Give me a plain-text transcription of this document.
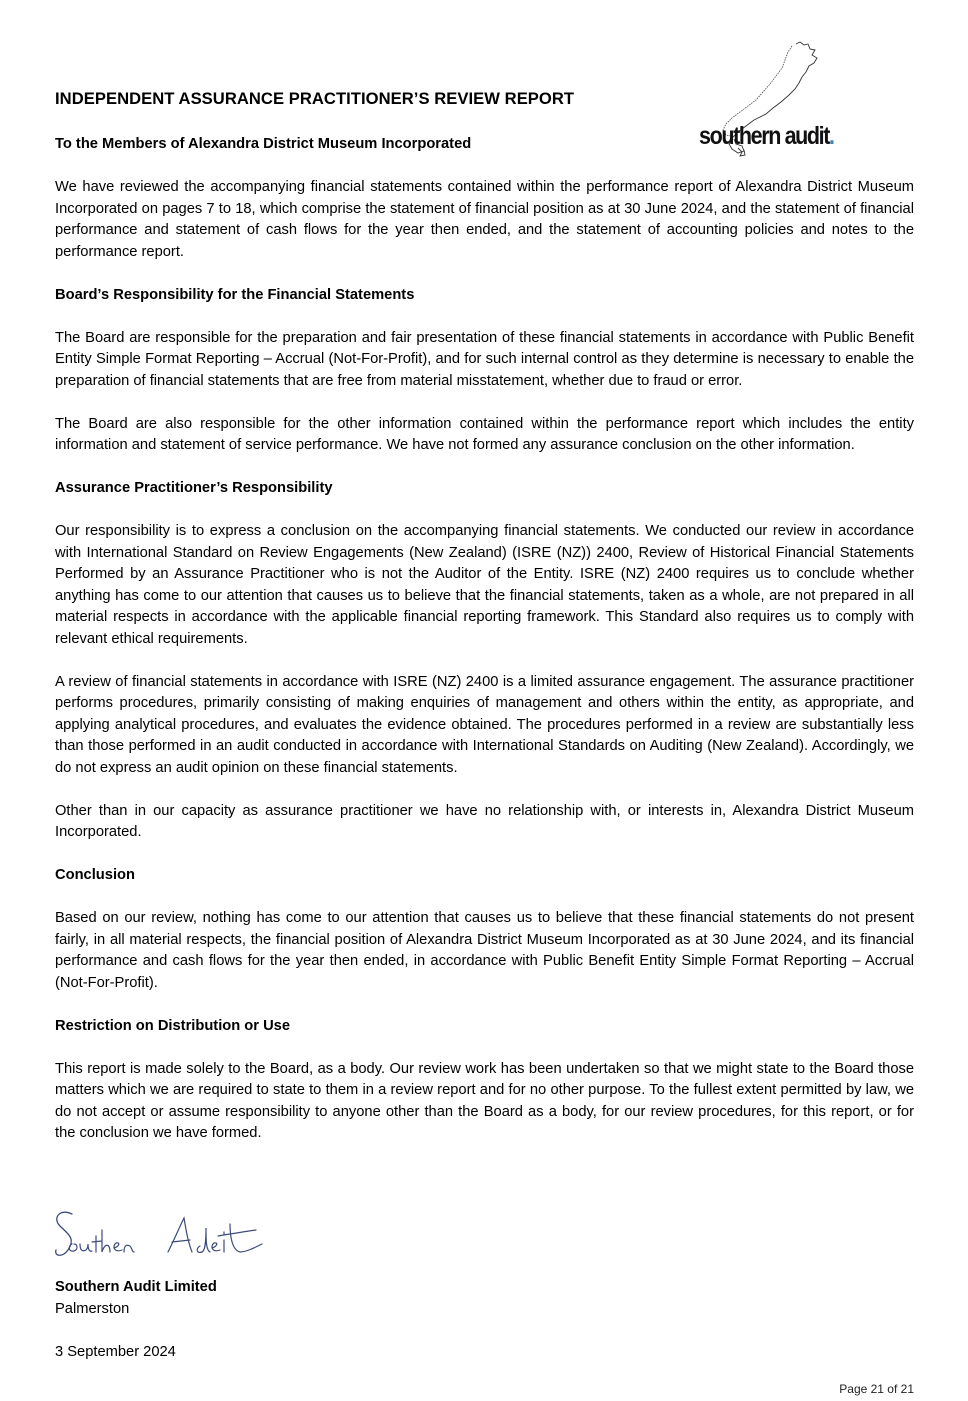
southern audit.
INDEPENDENT ASSURANCE PRACTITIONER’S REVIEW REPORT
To the Members of Alexandra District Museum Incorporated

We have reviewed the accompanying financial statements contained within the performance report of Alexandra District Museum Incorporated on pages 7 to 18, which comprise the statement of financial position as at 30 June 2024, and the statement of financial performance and statement of cash flows for the year then ended, and the statement of accounting policies and notes to the performance report.

Board’s Responsibility for the Financial Statements

The Board are responsible for the preparation and fair presentation of these financial statements in accordance with Public Benefit Entity Simple Format Reporting – Accrual (Not-For-Profit), and for such internal control as they determine is necessary to enable the preparation of financial statements that are free from material misstatement, whether due to fraud or error.

The Board are also responsible for the other information contained within the performance report which includes the entity information and statement of service performance. We have not formed any assurance conclusion on the other information.

Assurance Practitioner’s Responsibility

Our responsibility is to express a conclusion on the accompanying financial statements. We conducted our review in accordance with International Standard on Review Engagements (New Zealand) (ISRE (NZ)) 2400, Review of Historical Financial Statements Performed by an Assurance Practitioner who is not the Auditor of the Entity. ISRE (NZ) 2400 requires us to conclude whether anything has come to our attention that causes us to believe that the financial statements, taken as a whole, are not prepared in all material respects in accordance with the applicable financial reporting framework. This Standard also requires us to comply with relevant ethical requirements.

A review of financial statements in accordance with ISRE (NZ) 2400 is a limited assurance engagement. The assurance practitioner performs procedures, primarily consisting of making enquiries of management and others within the entity, as appropriate, and applying analytical procedures, and evaluates the evidence obtained. The procedures performed in a review are substantially less than those performed in an audit conducted in accordance with International Standards on Auditing (New Zealand). Accordingly, we do not express an audit opinion on these financial statements.

Other than in our capacity as assurance practitioner we have no relationship with, or interests in, Alexandra District Museum Incorporated.

Conclusion

Based on our review, nothing has come to our attention that causes us to believe that these financial statements do not present fairly, in all material respects, the financial position of Alexandra District Museum Incorporated as at 30 June 2024, and its financial performance and cash flows for the year then ended, in accordance with Public Benefit Entity Simple Format Reporting – Accrual (Not-For-Profit).

Restriction on Distribution or Use

This report is made solely to the Board, as a body. Our review work has been undertaken so that we might state to the Board those matters which we are required to state to them in a review report and for no other purpose. To the fullest extent permitted by law, we do not accept or assume responsibility to anyone other than the Board as a body, for our review procedures, for this report, or for the conclusion we have formed.

Southern Audit Limited
Palmerston
3 September 2024
Page 21 of 21
